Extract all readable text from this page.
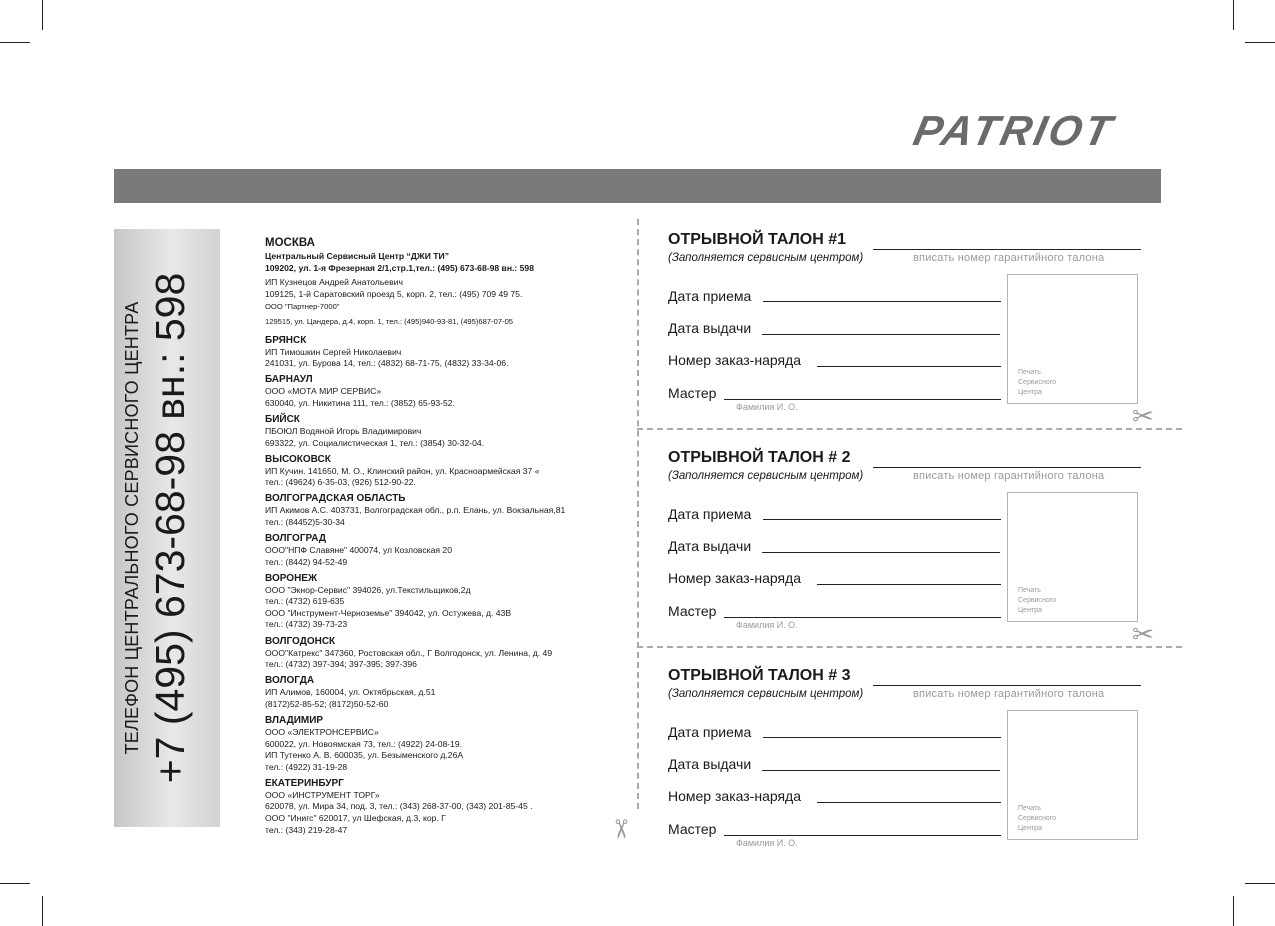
PATRIOT
ТЕЛЕФОН ЦЕНТРАЛЬНОГО СЕРВИСНОГО ЦЕНТРА +7 (495) 673-68-98 вн.: 598
МОСКВА
Центральный Сервисный Центр “ДЖИ ТИ”
109202, ул. 1-я Фрезерная 2/1,стр.1,тел.: (495) 673-68-98 вн.: 598
ИП Кузнецов Андрей Анатольевич
109125, 1-й Саратовский проезд 5, корп. 2, тел.: (495) 709 49 75.
ООО "Партнер-7000"
129515, ул. Цандера, д.4, корп. 1, тел.: (495)940-93-81, (495)687-07-05
БРЯНСК
ИП Тимошкин Сергей Николаевич
241031, ул. Бурова 14, тел.: (4832) 68-71-75, (4832) 33-34-06.
БАРНАУЛ
ООО «МОТА МИР СЕРВИС»
630040, ул. Никитина 111, тел.: (3852) 65-93-52.
БИЙСК
ПБОЮЛ Водяной Игорь Владимирович
693322, ул. Социалистическая 1, тел.: (3854) 30-32-04.
ВЫСОКОВСК
ИП Кучин. 141650, М. О., Клинский район, ул. Красноармейская 37 «
тел.: (49624) 6-35-03, (926) 512-90-22.
ВОЛГОГРАДСКАЯ ОБЛАСТЬ
ИП Акимов А.С. 403731, Волгоградская обл., р.п. Елань, ул. Вокзальная,81
тел.: (84452)5-30-34
ВОЛГОГРАД
ООО"НПФ Славяне" 400074, ул Козловская 20
тел.: (8442) 94-52-49
ВОРОНЕЖ
ООО "Экнор-Сервис" 394026, ул.Текстильщиков,2д
тел.: (4732) 619-635
ООО "Инструмент-Черноземье" 394042, ул. Остужева, д. 43В
тел.: (4732) 39-73-23
ВОЛГОДОНСК
ООО"Катрекс" 347360, Ростовская обл., Г Волгодонск, ул. Ленина, д. 49
тел.: (4732) 397-394; 397-395; 397-396
ВОЛОГДА
ИП Алимов, 160004, ул. Октябрьская, д.51
(8172)52-85-52; (8172)50-52-60
ВЛАДИМИР
ООО «ЭЛЕКТРОНСЕРВИС»
600022, ул. Новоямская 73, тел.: (4922) 24-08-19.
ИП Тутенко А. В. 600035, ул. Безыменского д.26А
тел.: (4922) 31-19-28
ЕКАТЕРИНБУРГ
ООО «ИНСТРУМЕНТ ТОРГ»
620078, ул. Мира 34, под. 3, тел.: (343) 268-37-00, (343) 201-85-45 .
ООО "Инигс" 620017, ул Шефская, д.3, кор. Г
тел.: (343) 219-28-47	✂
✂
✂
ОТРЫВНОЙ ТАЛОН #1
(Заполняется сервисным центром)	вписать номер гарантийного талона
Дата приема
Дата выдачи
Номер заказ-наряда
Мастер
Фамилия И. О.
Печать
Сервисного
Центра
ОТРЫВНОЙ ТАЛОН # 2
(Заполняется сервисным центром)	вписать номер гарантийного талона
Дата приема
Дата выдачи
Номер заказ-наряда
Мастер
Фамилия И. О.
Печать
Сервисного
Центра
ОТРЫВНОЙ ТАЛОН # 3
(Заполняется сервисным центром)	вписать номер гарантийного талона
Дата приема
Дата выдачи
Номер заказ-наряда
Мастер
Фамилия И. О.
Печать
Сервисного
Центра
